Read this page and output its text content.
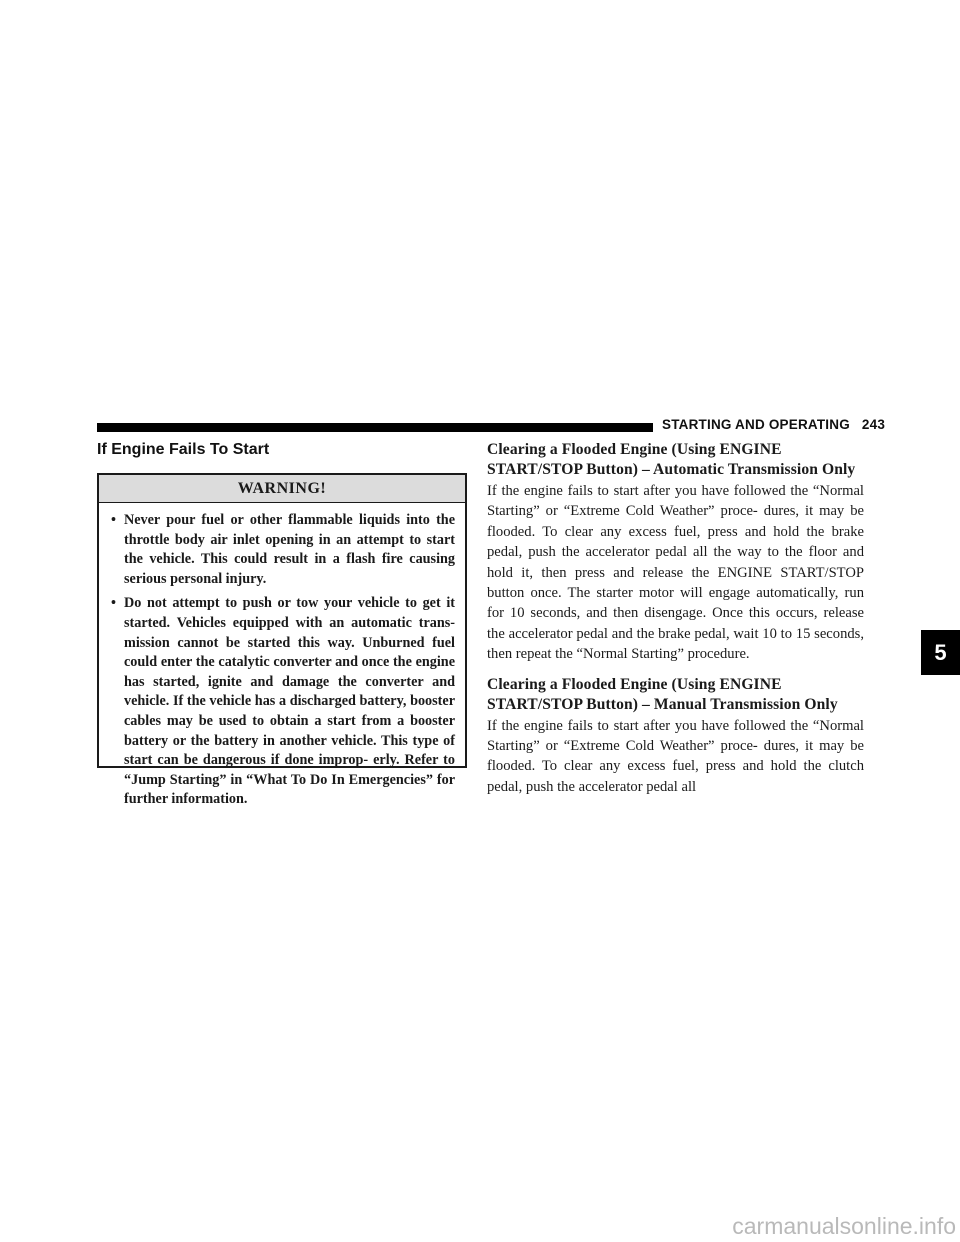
STARTING AND OPERATING 243
If Engine Fails To Start
WARNING!
• Never pour fuel or other flammable liquids into the throttle body air inlet opening in an attempt to start the vehicle. This could result in a flash fire causing serious personal injury.
• Do not attempt to push or tow your vehicle to get it started. Vehicles equipped with an automatic trans- mission cannot be started this way. Unburned fuel could enter the catalytic converter and once the engine has started, ignite and damage the converter and vehicle. If the vehicle has a discharged battery, booster cables may be used to obtain a start from a booster battery or the battery in another vehicle. This type of start can be dangerous if done improp- erly. Refer to “Jump Starting” in “What To Do In Emergencies” for further information.
Clearing a Flooded Engine (Using ENGINE START/STOP Button) – Automatic Transmission Only

If the engine fails to start after you have followed the “Normal Starting” or “Extreme Cold Weather” proce- dures, it may be flooded. To clear any excess fuel, press and hold the brake pedal, push the accelerator pedal all the way to the floor and hold it, then press and release the ENGINE START/STOP button once. The starter motor will engage automatically, run for 10 seconds, and then disengage. Once this occurs, release the accelerator pedal and the brake pedal, wait 10 to 15 seconds, then repeat the “Normal Starting” procedure.

Clearing a Flooded Engine (Using ENGINE START/STOP Button) – Manual Transmission Only

If the engine fails to start after you have followed the “Normal Starting” or “Extreme Cold Weather” proce- dures, it may be flooded. To clear any excess fuel, press and hold the clutch pedal, push the accelerator pedal all

5
carmanualsonline.info
